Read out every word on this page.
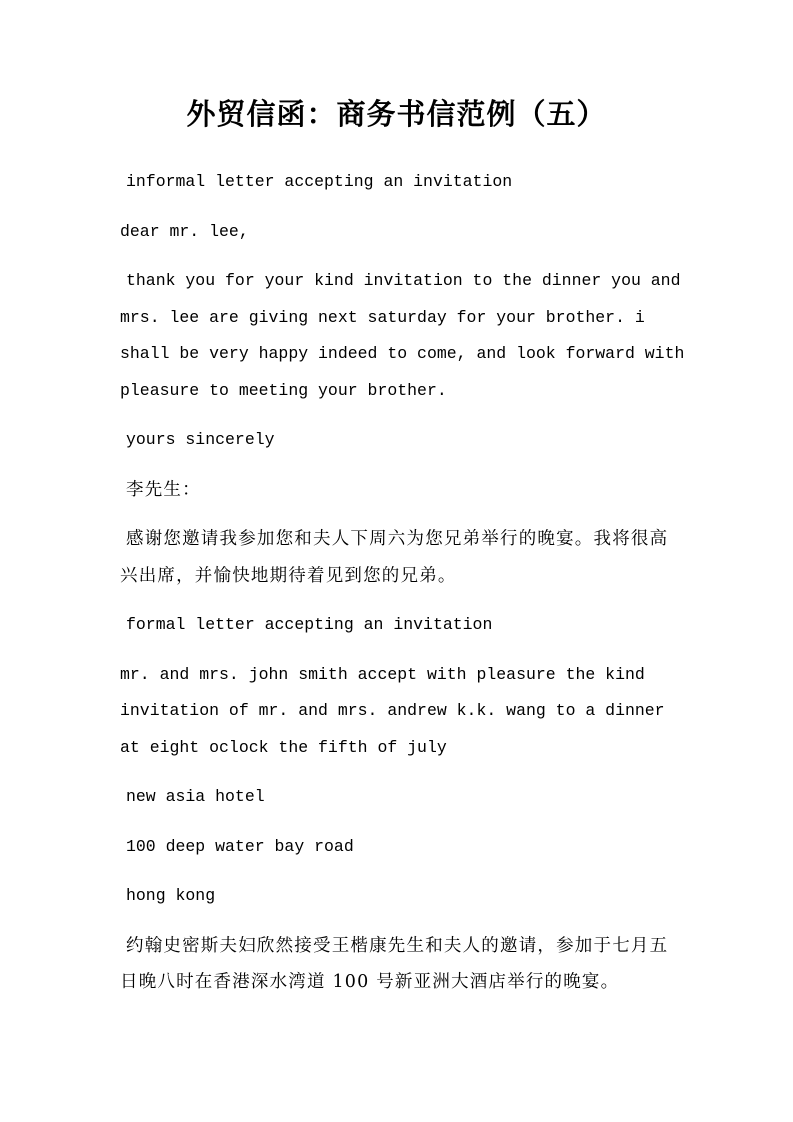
外贸信函：商务书信范例（五）

informal letter accepting an invitation

dear mr. lee,

thank you for your kind invitation to the dinner you and mrs. lee are giving next saturday for your brother. i shall be very happy indeed to come, and look forward with pleasure to meeting your brother.

yours sincerely

李先生：

感谢您邀请我参加您和夫人下周六为您兄弟举行的晚宴。我将很高兴出席，并愉快地期待着见到您的兄弟。

formal letter accepting an invitation

mr. and mrs. john smith accept with pleasure the kind invitation of mr. and mrs. andrew k.k. wang to a dinner at eight oclock the fifth of july

new asia hotel

100 deep water bay road

hong kong

约翰史密斯夫妇欣然接受王楷康先生和夫人的邀请，参加于七月五日晚八时在香港深水湾道 100 号新亚洲大酒店举行的晚宴。
